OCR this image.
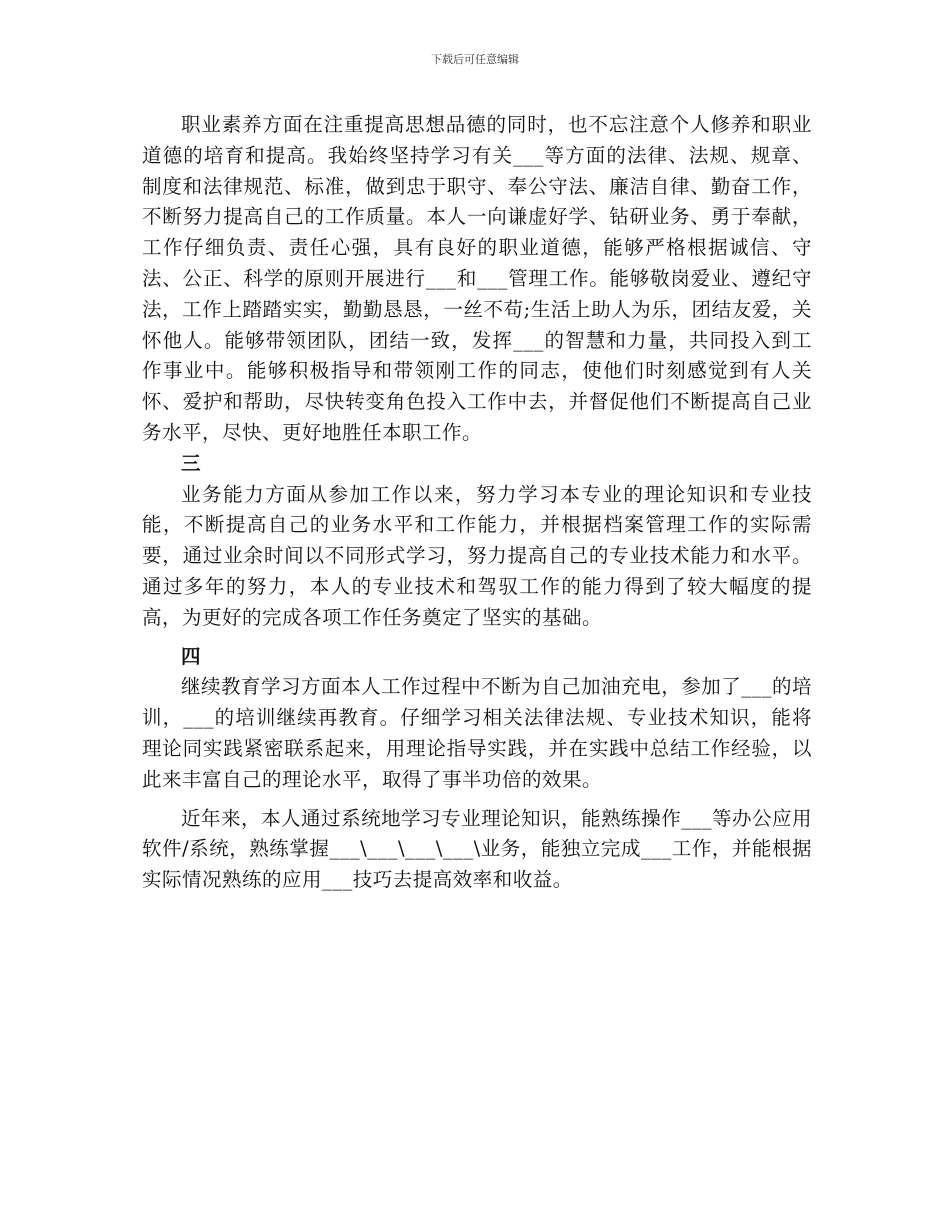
下载后可任意编辑

职业素养方面在注重提高思想品德的同时，也不忘注意个人修养和职业道德的培育和提高。我始终坚持学习有关___等方面的法律、法规、规章、制度和法律规范、标准，做到忠于职守、奉公守法、廉洁自律、勤奋工作，不断努力提高自己的工作质量。本人一向谦虚好学、钻研业务、勇于奉献，工作仔细负责、责任心强，具有良好的职业道德，能够严格根据诚信、守法、公正、科学的原则开展进行___和___管理工作。能够敬岗爱业、遵纪守法，工作上踏踏实实，勤勤恳恳，一丝不苟;生活上助人为乐，团结友爱，关怀他人。能够带领团队，团结一致，发挥___的智慧和力量，共同投入到工作事业中。能够积极指导和带领刚工作的同志，使他们时刻感觉到有人关怀、爱护和帮助，尽快转变角色投入工作中去，并督促他们不断提高自己业务水平，尽快、更好地胜任本职工作。

三

业务能力方面从参加工作以来，努力学习本专业的理论知识和专业技能，不断提高自己的业务水平和工作能力，并根据档案管理工作的实际需要，通过业余时间以不同形式学习，努力提高自己的专业技术能力和水平。通过多年的努力，本人的专业技术和驾驭工作的能力得到了较大幅度的提高，为更好的完成各项工作任务奠定了坚实的基础。

四

继续教育学习方面本人工作过程中不断为自己加油充电，参加了___的培训，___的培训继续再教育。仔细学习相关法律法规、专业技术知识，能将理论同实践紧密联系起来，用理论指导实践，并在实践中总结工作经验，以此来丰富自己的理论水平，取得了事半功倍的效果。

近年来，本人通过系统地学习专业理论知识，能熟练操作___等办公应用软件/系统，熟练掌握___\___\___\___\业务，能独立完成___工作，并能根据实际情况熟练的应用___技巧去提高效率和收益。
